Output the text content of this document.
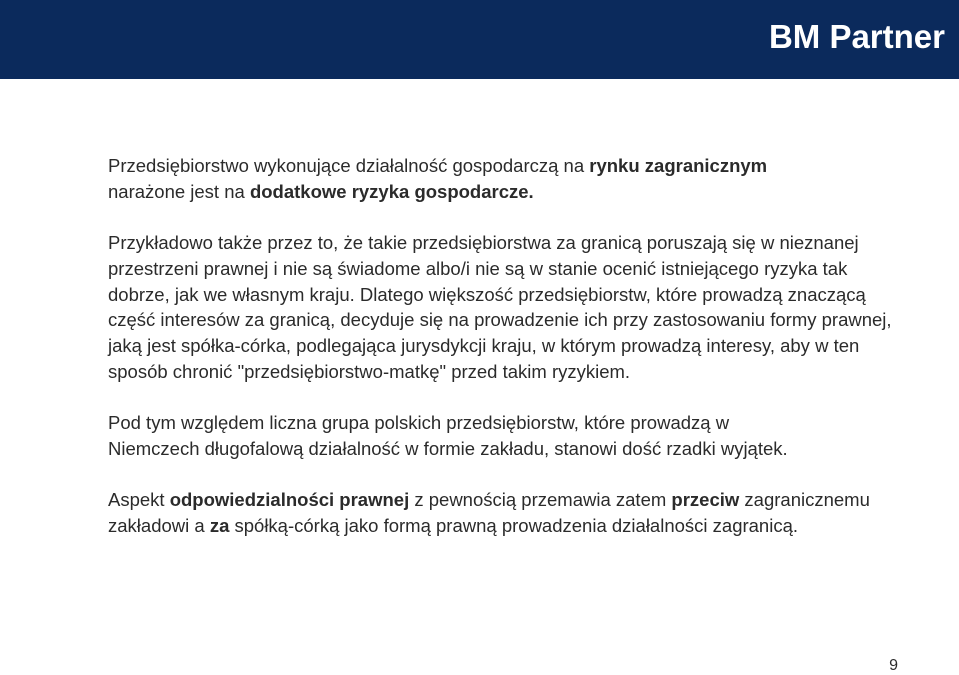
BM Partner

Przedsiębiorstwo wykonujące działalność gospodarczą na rynku zagranicznym
narażone jest na dodatkowe ryzyka gospodarcze.

Przykładowo także przez to, że takie przedsiębiorstwa za granicą poruszają się w nieznanej przestrzeni prawnej i nie są świadome albo/i nie są w stanie ocenić istniejącego ryzyka tak dobrze, jak we własnym kraju. Dlatego większość przedsiębiorstw, które prowadzą znaczącą część interesów za granicą, decyduje się na prowadzenie ich przy zastosowaniu formy prawnej, jaką jest spółka-córka, podlegająca jurysdykcji kraju, w którym prowadzą interesy, aby w ten sposób chronić "przedsiębiorstwo-matkę" przed takim ryzykiem.

Pod tym względem liczna grupa polskich przedsiębiorstw, które prowadzą w
Niemczech długofalową działalność w formie zakładu, stanowi dość rzadki wyjątek.

Aspekt odpowiedzialności prawnej z pewnością przemawia zatem przeciw zagranicznemu zakładowi a za spółką-córką jako formą prawną prowadzenia działalności zagranicą.

9
